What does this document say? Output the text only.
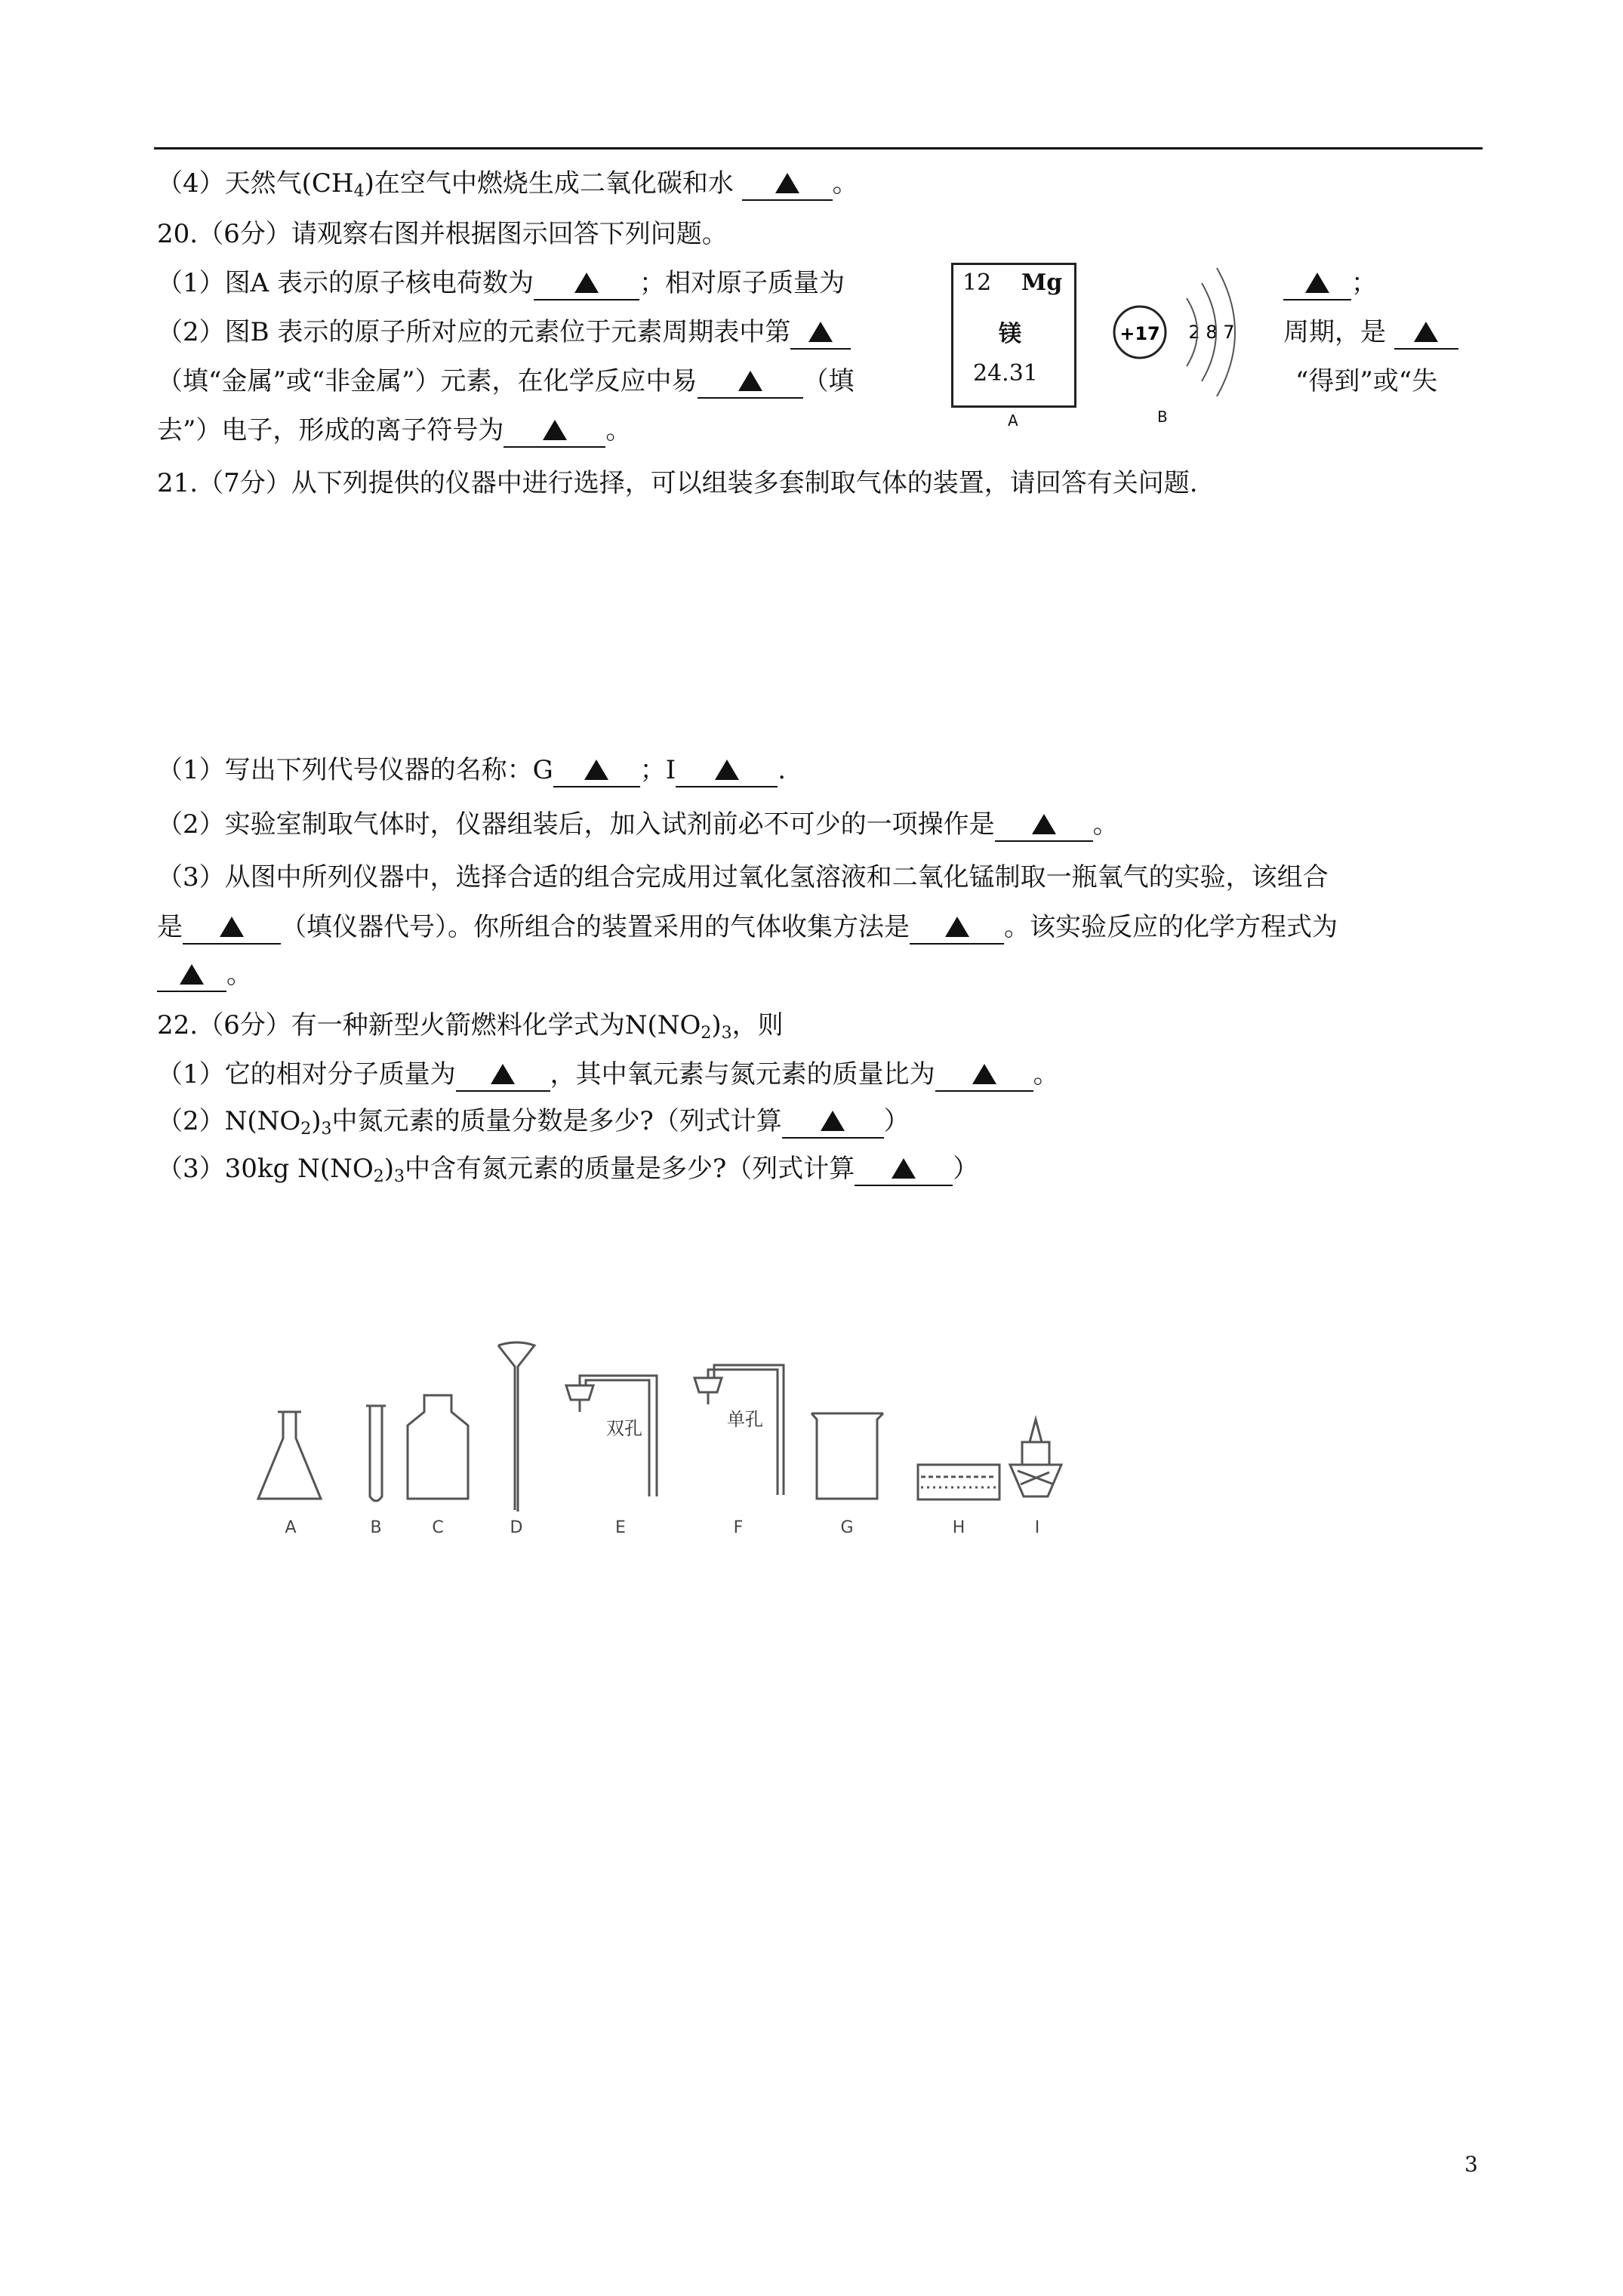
（4）天然气$(CH_4)$在空气中燃烧生成二氧化碳和水	。
20.（6分）请观察右图并根据图示回答下列问题。
（1）图A 表示的原子核电荷数为	；相对原子质量为	；
（2）图B 表示的原子所对应的元素位于元素周期表中第	周期，是
（填“金属”或“非金属”）元素，在化学反应中易	（填	“得到”或“失
去”）电子，形成的离子符号为	。
12 Mg
镁
24.31
A
+17 2 8 7
B
21.（7分）从下列提供的仪器中进行选择，可以组装多套制取气体的装置，请回答有关问题.
（1）写出下列代号仪器的名称：G	；I	.
（2）实验室制取气体时，仪器组装后，加入试剂前必不可少的一项操作是	。
（3）从图中所列仪器中，选择合适的组合完成用过氧化氢溶液和二氧化锰制取一瓶氧气的实验，该组合
是	（填仪器代号）。你所组合的装置采用的气体收集方法是	。该实验反应的化学方程式为
。
22.（6分）有一种新型火箭燃料化学式为$N(NO_2)_3$，则
（1）它的相对分子质量为	，其中氧元素与氮元素的质量比为	。
$(2)N(NO_2)_3$中氮元素的质量分数是多少?（列式计算	）
（3）30kg $N(NO_2)_3$中含有氮元素的质量是多少?（列式计算	）
双孔	单孔
A	B	C	D	E	F	G	H	I
3
